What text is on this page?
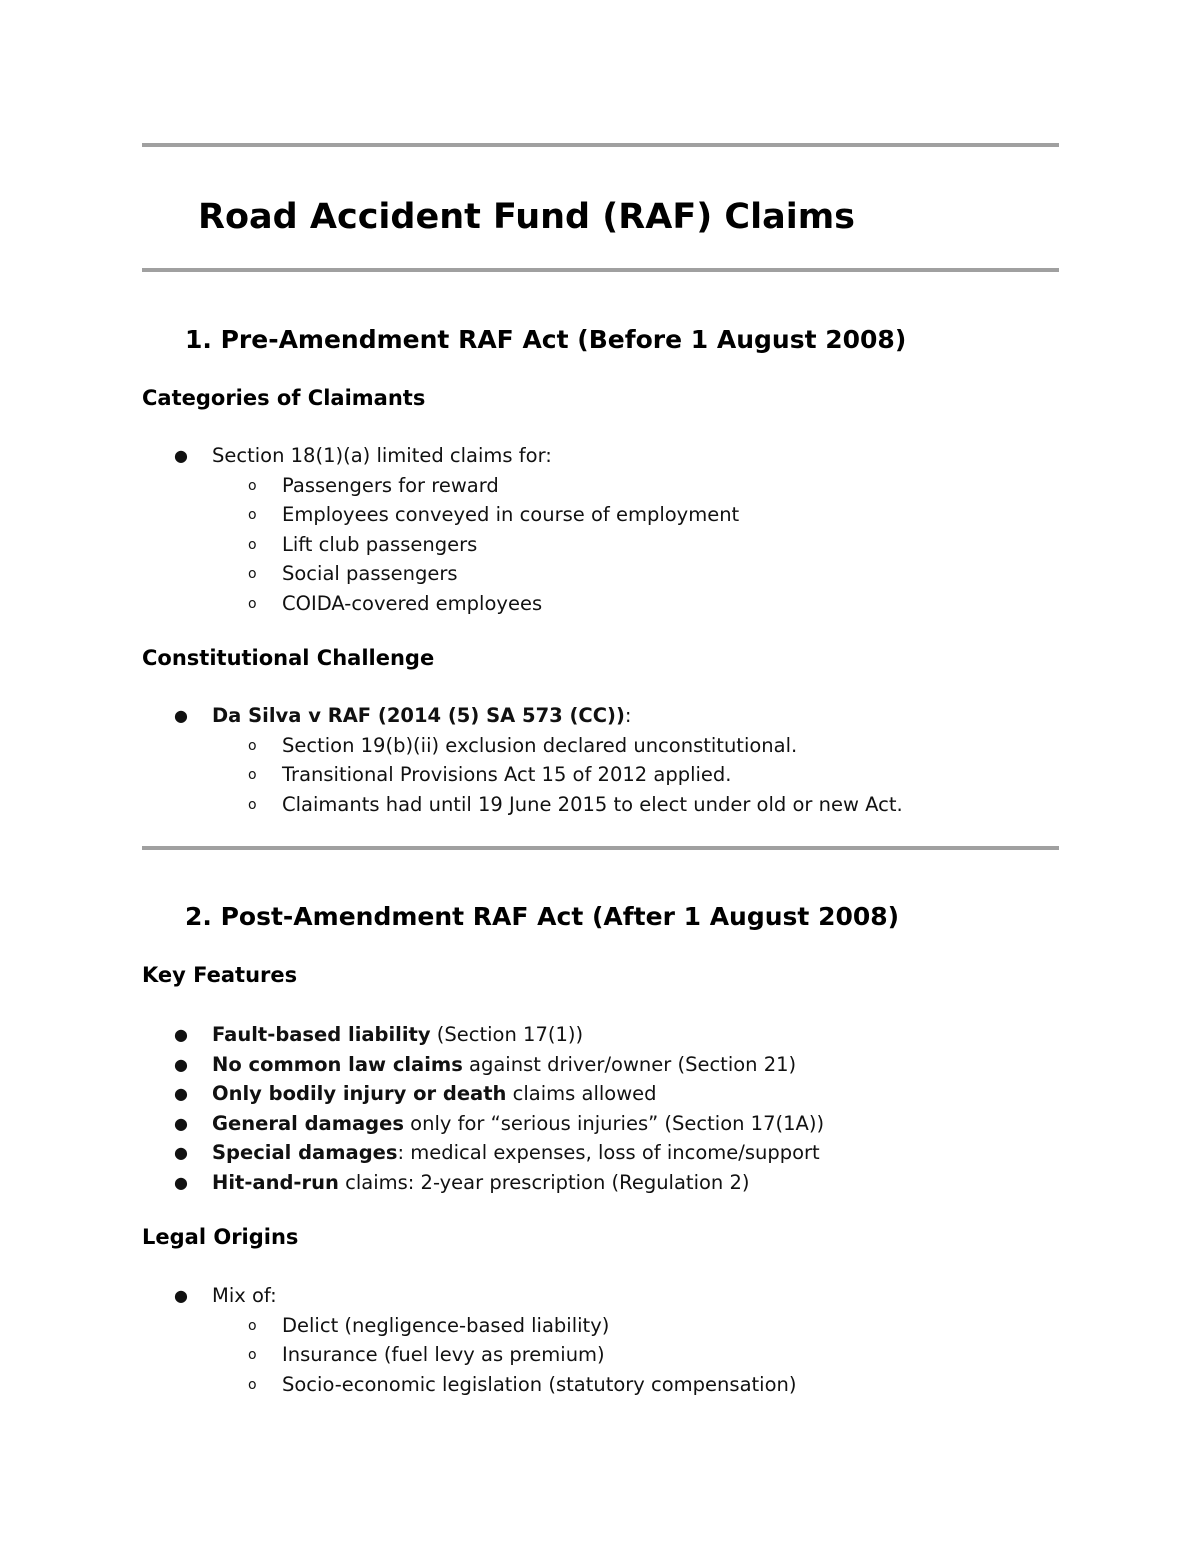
Road Accident Fund (RAF) Claims
1. Pre-Amendment RAF Act (Before 1 August 2008)
Categories of Claimants
● Section 18(1)(a) limited claims for:
o Passengers for reward
o Employees conveyed in course of employment
o Lift club passengers
o Social passengers
o COIDA-covered employees
Constitutional Challenge
● Da Silva v RAF (2014 (5) SA 573 (CC)):
o Section 19(b)(ii) exclusion declared unconstitutional.
o Transitional Provisions Act 15 of 2012 applied.
o Claimants had until 19 June 2015 to elect under old or new Act.
2. Post-Amendment RAF Act (After 1 August 2008)
Key Features
● Fault-based liability (Section 17(1))
● No common law claims against driver/owner (Section 21)
● Only bodily injury or death claims allowed
● General damages only for “serious injuries” (Section 17(1A))
● Special damages: medical expenses, loss of income/support
● Hit-and-run claims: 2-year prescription (Regulation 2)
Legal Origins
● Mix of:
o Delict (negligence-based liability)
o Insurance (fuel levy as premium)
o Socio-economic legislation (statutory compensation)
